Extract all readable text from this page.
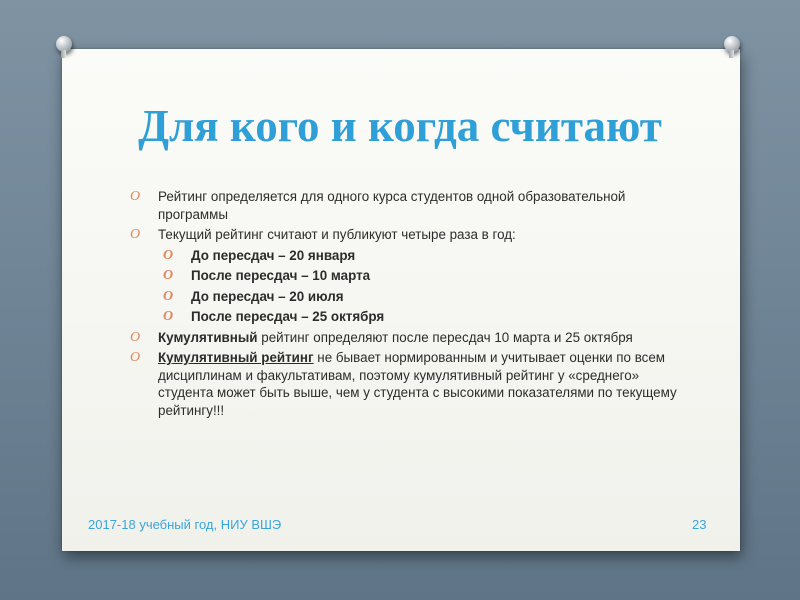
Для кого и когда считают
O Рейтинг определяется для одного курса студентов одной образовательной программы
O Текущий рейтинг считают и публикуют четыре раза в год:
O До пересдач – 20 января
O После пересдач – 10 марта
O До пересдач – 20 июля
O После пересдач – 25 октября
O Кумулятивный рейтинг определяют после пересдач 10 марта и 25 октября
O Кумулятивный рейтинг не бывает нормированным и учитывает оценки по всем дисциплинам и факультативам, поэтому кумулятивный рейтинг у «среднего» студента может быть выше, чем у студента с высокими показателями по текущему рейтингу!!!
2017-18 учебный год, НИУ ВШЭ	23
